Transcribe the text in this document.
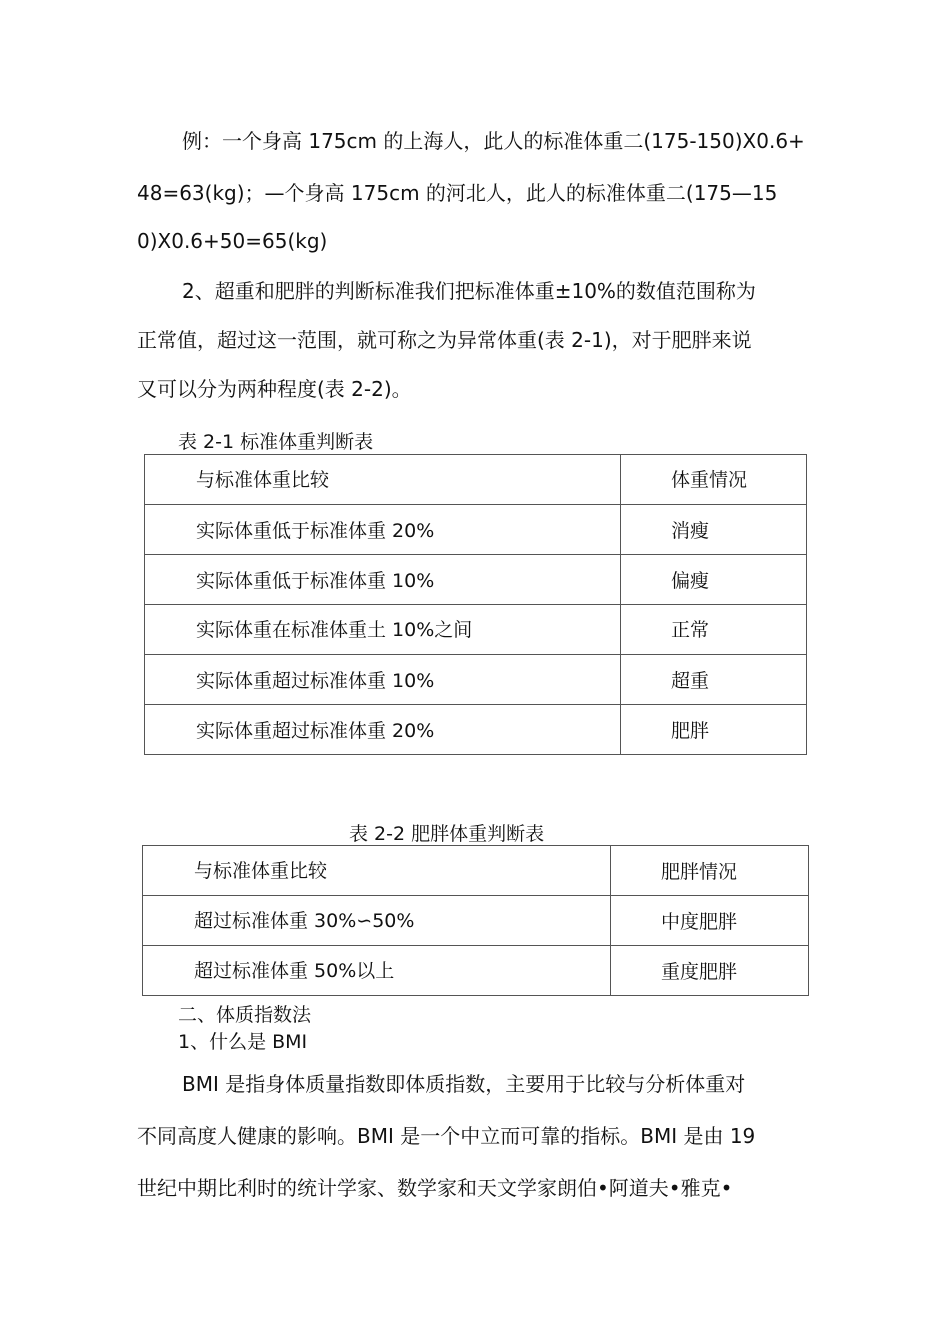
例：一个身高 175cm 的上海人，此人的标准体重二(175-150)X0.6+

48=63(kg)；—个身高 175cm 的河北人，此人的标准体重二(175—15

0)X0.6+50=65(kg)

2、超重和肥胖的判断标准我们把标准体重±10%的数值范围称为

正常值，超过这一范围，就可称之为异常体重(表 2-1)，对于肥胖来说

又可以分为两种程度(表 2-2)。

表 2-1 标准体重判断表

与标准体重比较	体重情况
实际体重低于标准体重 20%	消瘦
实际体重低于标准体重 10%	偏瘦
实际体重在标准体重土 10%之间	正常
实际体重超过标准体重 10%	超重
实际体重超过标准体重 20%	肥胖

表 2-2 肥胖体重判断表

与标准体重比较	肥胖情况
超过标准体重 30%∽50%	中度肥胖
超过标准体重 50%以上	重度肥胖

二、体质指数法

1、什么是 BMI

BMI 是指身体质量指数即体质指数，主要用于比较与分析体重对

不同高度人健康的影响。BMI 是一个中立而可靠的指标。BMI 是由 19

世纪中期比利时的统计学家、数学家和天文学家朗伯•阿道夫•雅克•
